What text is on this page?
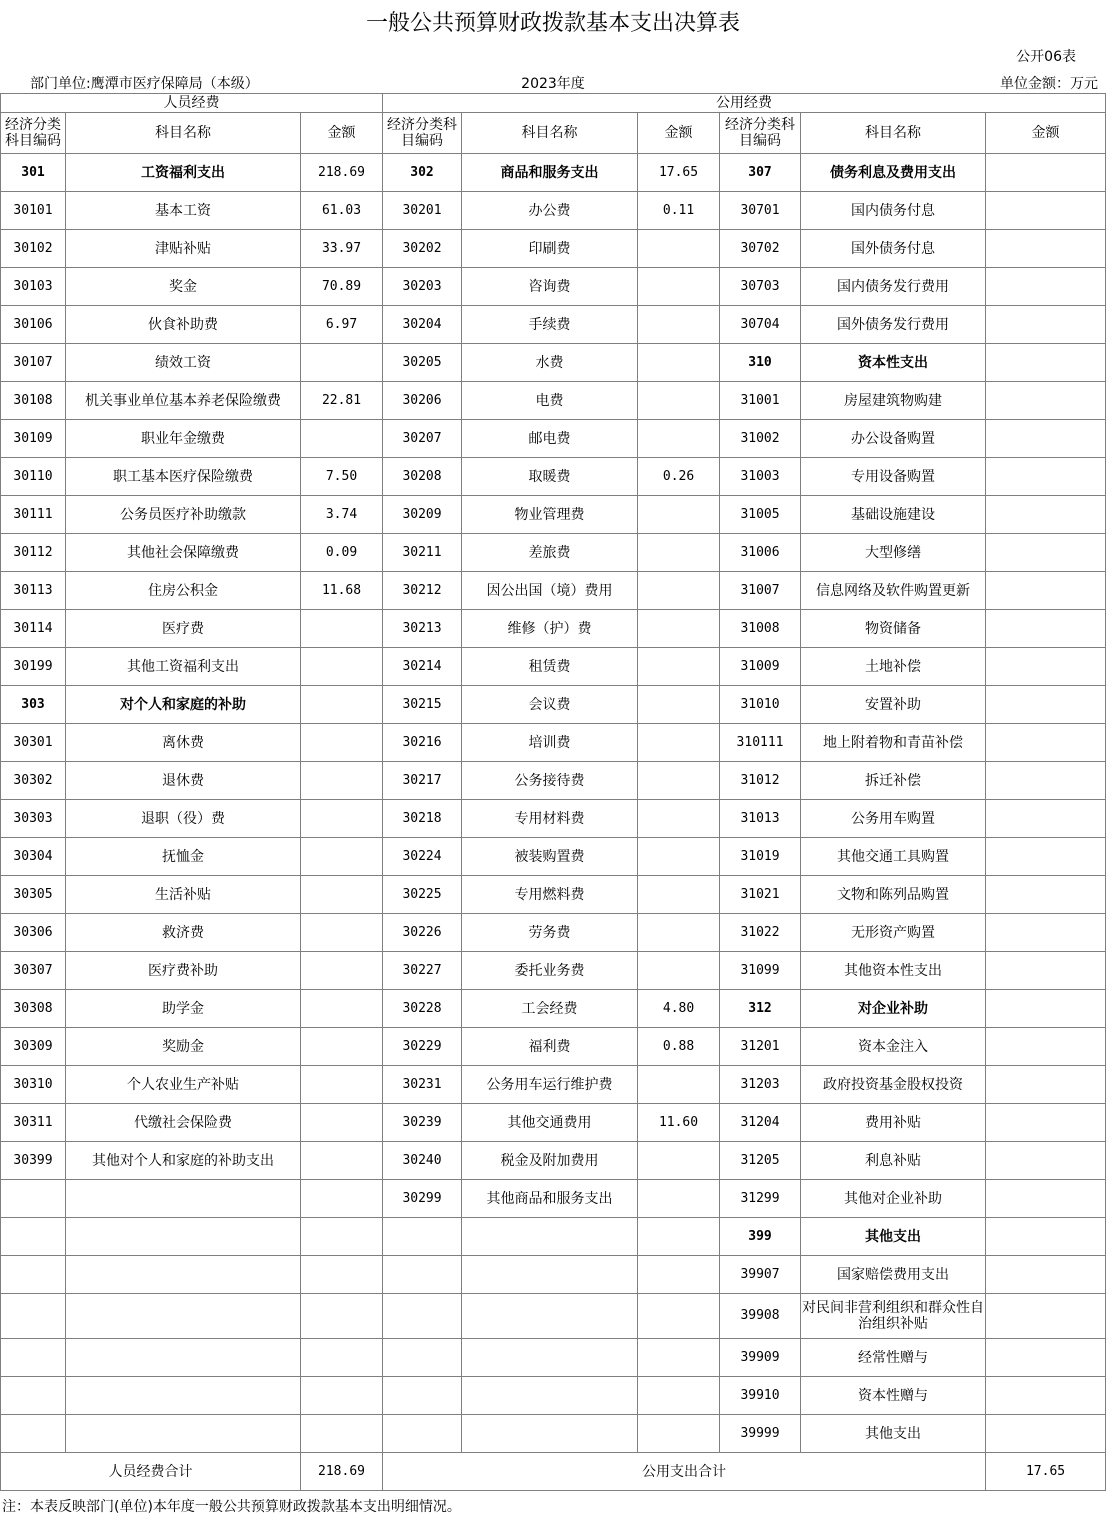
一般公共预算财政拨款基本支出决算表
公开06表
部门单位:鹰潭市医疗保障局（本级）	2023年度	单位金额：万元
人员经费			公用经费					
经济分类科目编码	科目名称	金额	经济分类科目编码	科目名称	金额	经济分类科目编码	科目名称	金额
301	工资福利支出	218.69	302	商品和服务支出	17.65	307	债务利息及费用支出	
30101	基本工资	61.03	30201	办公费	0.11	30701	国内债务付息	
30102	津贴补贴	33.97	30202	印刷费		30702	国外债务付息	
30103	奖金	70.89	30203	咨询费		30703	国内债务发行费用	
30106	伙食补助费	6.97	30204	手续费		30704	国外债务发行费用	
30107	绩效工资		30205	水费		310	资本性支出	
30108	机关事业单位基本养老保险缴费	22.81	30206	电费		31001	房屋建筑物购建	
30109	职业年金缴费		30207	邮电费		31002	办公设备购置	
30110	职工基本医疗保险缴费	7.50	30208	取暖费	0.26	31003	专用设备购置	
30111	公务员医疗补助缴款	3.74	30209	物业管理费		31005	基础设施建设	
30112	其他社会保障缴费	0.09	30211	差旅费		31006	大型修缮	
30113	住房公积金	11.68	30212	因公出国（境）费用		31007	信息网络及软件购置更新	
30114	医疗费		30213	维修（护）费		31008	物资储备	
30199	其他工资福利支出		30214	租赁费		31009	土地补偿	
303	对个人和家庭的补助		30215	会议费		31010	安置补助	
30301	离休费		30216	培训费		310111	地上附着物和青苗补偿	
30302	退休费		30217	公务接待费		31012	拆迁补偿	
30303	退职（役）费		30218	专用材料费		31013	公务用车购置	
30304	抚恤金		30224	被装购置费		31019	其他交通工具购置	
30305	生活补贴		30225	专用燃料费		31021	文物和陈列品购置	
30306	救济费		30226	劳务费		31022	无形资产购置	
30307	医疗费补助		30227	委托业务费		31099	其他资本性支出	
30308	助学金		30228	工会经费	4.80	312	对企业补助	
30309	奖励金		30229	福利费	0.88	31201	资本金注入	
30310	个人农业生产补贴		30231	公务用车运行维护费		31203	政府投资基金股权投资	
30311	代缴社会保险费		30239	其他交通费用	11.60	31204	费用补贴	
30399	其他对个人和家庭的补助支出		30240	税金及附加费用		31205	利息补贴	
			30299	其他商品和服务支出		31299	其他对企业补助	
						399	其他支出	
						39907	国家赔偿费用支出	
						39908	对民间非营利组织和群众性自治组织补贴	
						39909	经常性赠与	
						39910	资本性赠与	
						39999	其他支出	
人员经费合计		218.69	公用支出合计					17.65
注：本表反映部门(单位)本年度一般公共预算财政拨款基本支出明细情况。
